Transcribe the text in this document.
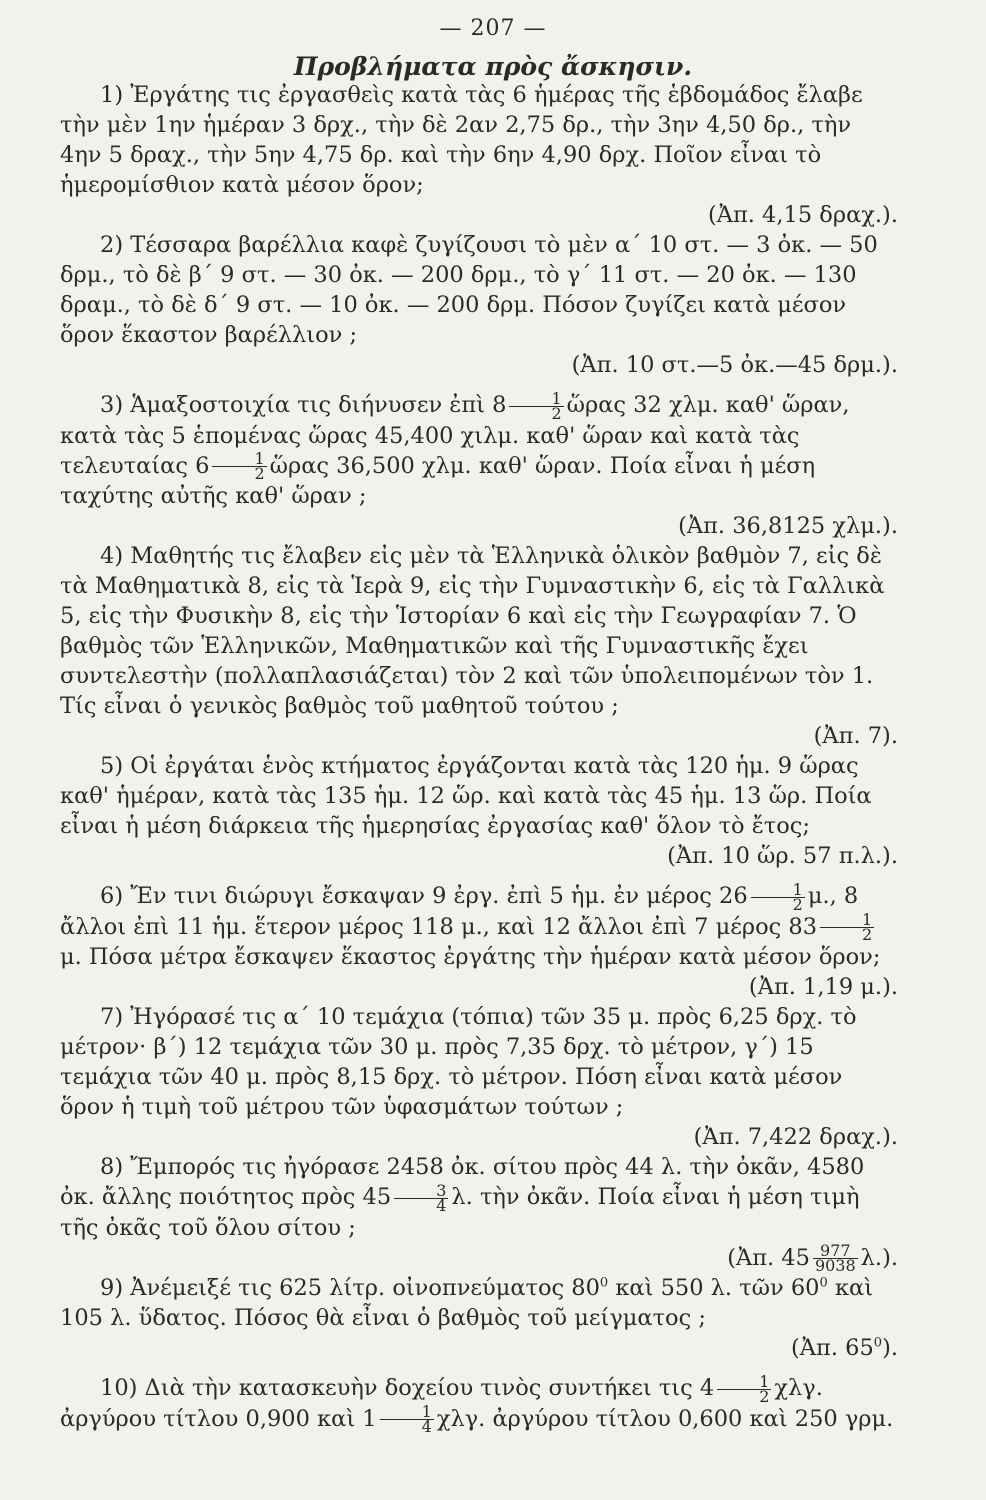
— 207 —
Προβλήματα πρὸς ἄσκησιν.

1) Ἐργάτης τις ἐργασθεὶς κατὰ τὰς 6 ἡμέρας τῆς ἑβδομάδος ἔλαβε τὴν μὲν 1ην ἡμέραν 3 δρχ., τὴν δὲ 2αν 2,75 δρ., τὴν 3ην 4,50 δρ., τὴν 4ην 5 δραχ., τὴν 5ην 4,75 δρ. καὶ τὴν 6ην 4,90 δρχ. Ποῖον εἶναι τὸ ἡμερομίσθιον κατὰ μέσον ὅρον;

(Ἀπ. 4,15 δραχ.).

2) Τέσσαρα βαρέλλια καφὲ ζυγίζουσι τὸ μὲν α΄ 10 στ. — 3 ὀκ. — 50 δρμ., τὸ δὲ β΄ 9 στ. — 30 ὀκ. — 200 δρμ., τὸ γ΄ 11 στ. — 20 ὀκ. — 130 δραμ., τὸ δὲ δ΄ 9 στ. — 10 ὀκ. — 200 δρμ. Πόσον ζυγίζει κατὰ μέσον ὅρον ἕκαστον βαρέλλιον ;

(Ἀπ. 10 στ.—5 ὀκ.—45 δρμ.).

3) Ἁμαξοστοιχία τις διήνυσεν ἐπὶ $8 \frac{1}{2}$ ὥρας 32 χλμ. καθ' ὥραν, κατὰ τὰς 5 ἑπομένας ὥρας 45,400 χιλμ. καθ' ὥραν καὶ κατὰ τὰς τελευταίας $6 \frac{1}{2}$ ὥρας 36,500 χλμ. καθ' ὥραν. Ποία εἶναι ἡ μέση ταχύτης αὐτῆς καθ' ὥραν ;

(Ἀπ. 36,8125 χλμ.).

4) Μαθητής τις ἔλαβεν εἰς μὲν τὰ Ἑλληνικὰ ὁλικὸν βαθμὸν 7, εἰς δὲ τὰ Μαθηματικὰ 8, εἰς τὰ Ἱερὰ 9, εἰς τὴν Γυμναστικὴν 6, εἰς τὰ Γαλλικὰ 5, εἰς τὴν Φυσικὴν 8, εἰς τὴν Ἱστορίαν 6 καὶ εἰς τὴν Γεωγραφίαν 7. Ὁ βαθμὸς τῶν Ἑλληνικῶν, Μαθηματικῶν καὶ τῆς Γυμναστικῆς ἔχει συντελεστὴν (πολλαπλασιάζεται) τὸν 2 καὶ τῶν ὑπολειπομένων τὸν 1. Τίς εἶναι ὁ γενικὸς βαθμὸς τοῦ μαθητοῦ τούτου ;

(Ἀπ. 7).

5) Οἱ ἐργάται ἑνὸς κτήματος ἐργάζονται κατὰ τὰς 120 ἡμ. 9 ὥρας καθ' ἡμέραν, κατὰ τὰς 135 ἡμ. 12 ὥρ. καὶ κατὰ τὰς 45 ἡμ. 13 ὥρ. Ποία εἶναι ἡ μέση διάρκεια τῆς ἡμερησίας ἐργασίας καθ' ὅλον τὸ ἔτος;

(Ἀπ. 10 ὥρ. 57 π.λ.).

6) Ἔν τινι διώρυγι ἔσκαψαν 9 ἐργ. ἐπὶ 5 ἡμ. ἐν μέρος $26 \frac{1}{2} \mu$., 8 ἄλλοι ἐπὶ 11 ἡμ. ἕτερον μέρος 118 μ., καὶ 12 ἄλλοι ἐπὶ 7 μέρος $83 \frac{1}{2}$
μ. Πόσα μέτρα ἔσκαψεν ἕκαστος ἐργάτης τὴν ἡμέραν κατὰ μέσον ὅρον;

(Ἀπ. 1,19 μ.).

7) Ἠγόρασέ τις α΄ 10 τεμάχια (τόπια) τῶν 35 μ. πρὸς 6,25 δρχ. τὸ μέτρον· β΄) 12 τεμάχια τῶν 30 μ. πρὸς 7,35 δρχ. τὸ μέτρον, γ΄) 15 τεμάχια τῶν 40 μ. πρὸς 8,15 δρχ. τὸ μέτρον. Πόση εἶναι κατὰ μέσον ὅρον ἡ τιμὴ τοῦ μέτρου τῶν ὑφασμάτων τούτων ;

(Ἀπ. 7,422 δραχ.).

8) Ἔμπορός τις ἠγόρασε 2458 ὀκ. σίτου πρὸς 44 λ. τὴν ὀκᾶν, 4580 ὀκ. ἄλλης ποιότητος πρὸς $45 \frac{3}{4} \lambda$. τὴν ὀκᾶν. Ποία εἶναι ἡ μέση τιμὴ τῆς ὀκᾶς τοῦ ὅλου σίτου ;

(Ἀπ. $45 \frac{977}{9038} \lambda$.).

9) Ἀνέμειξέ τις 625 λίτρ. οἰνοπνεύματος $80^0$ καὶ 550 λ. τῶν $60^0$ καὶ 105 λ. ὕδατος. Πόσος θὰ εἶναι ὁ βαθμὸς τοῦ μείγματος ;

(Ἀπ. $65^0$).

10) Διὰ τὴν κατασκευὴν δοχείου τινὸς συντήκει τις $4 \frac{1}{2} \chi\lambda\gamma$. ἀργύρου τίτλου 0,900 καὶ $1 \frac{1}{4} \chi\lambda\gamma$. ἀργύρου τίτλου 0,600 καὶ 250 γρμ.
